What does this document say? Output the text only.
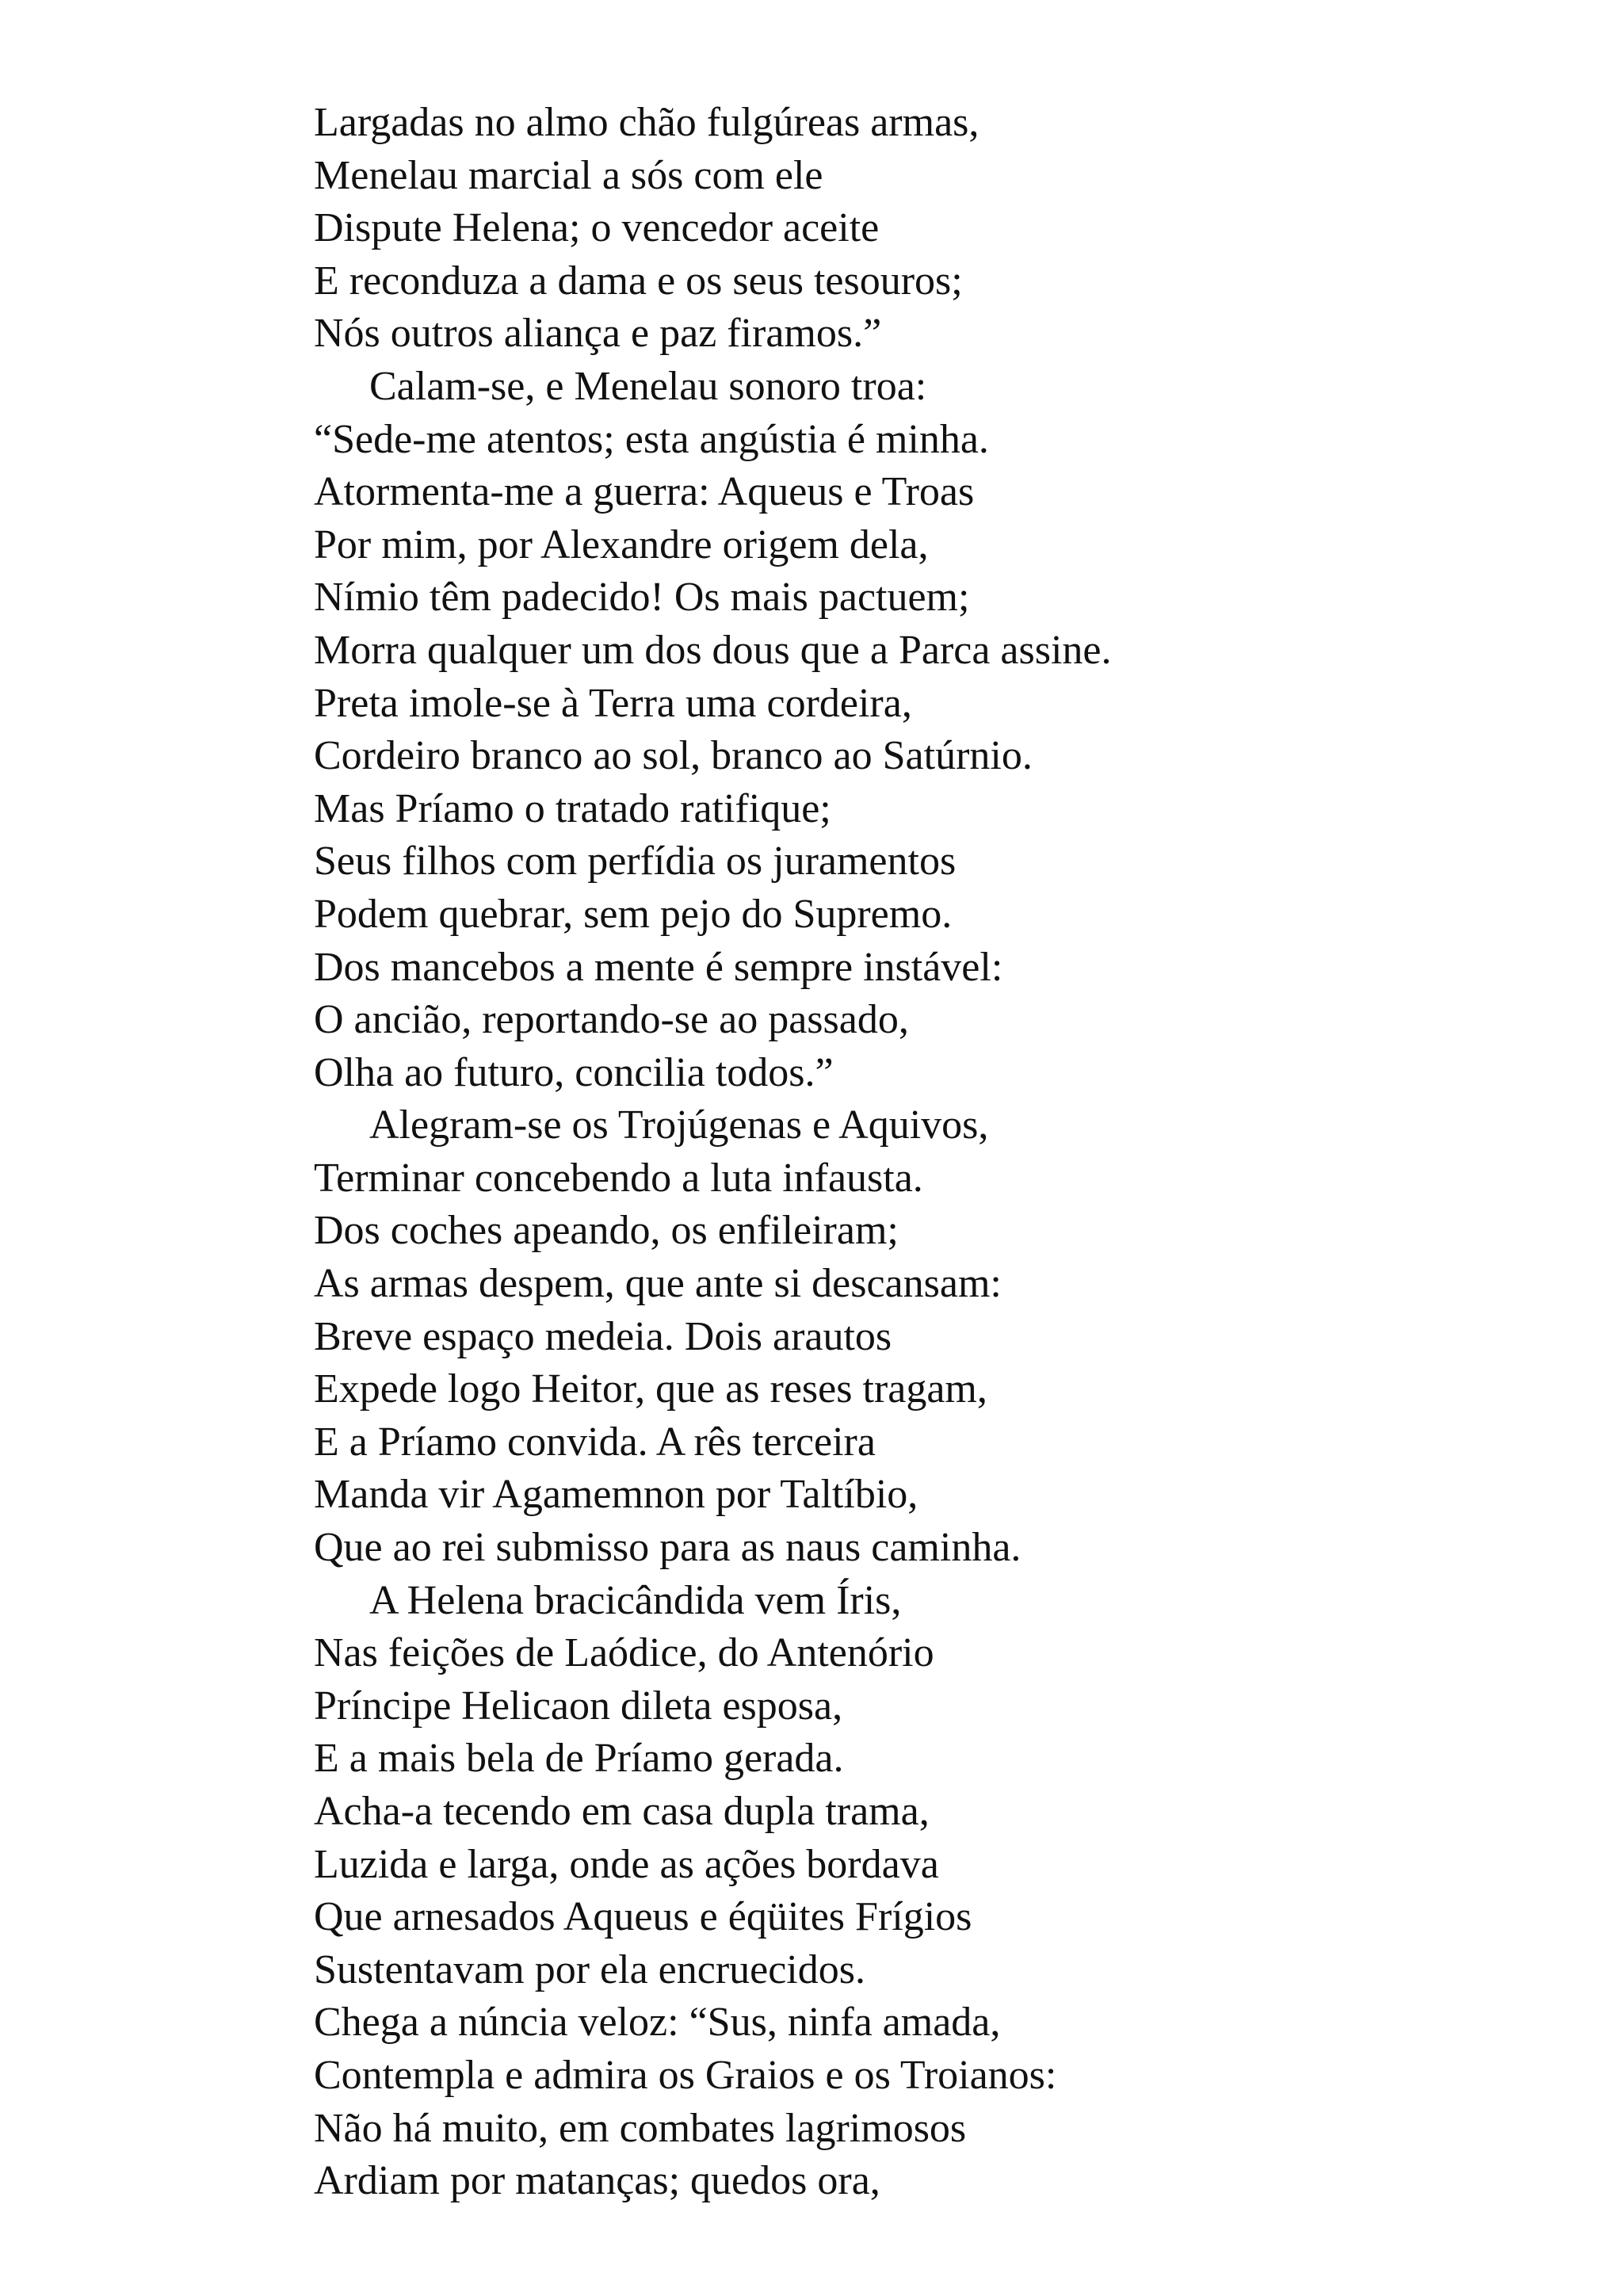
Largadas no almo chão fulgúreas armas,
Menelau marcial a sós com ele
Dispute Helena; o vencedor aceite
E reconduza a dama e os seus tesouros;
Nós outros aliança e paz firamos.”
Calam-se, e Menelau sonoro troa:
“Sede-me atentos; esta angústia é minha.
Atormenta-me a guerra: Aqueus e Troas
Por mim, por Alexandre origem dela,
Nímio têm padecido! Os mais pactuem;
Morra qualquer um dos dous que a Parca assine.
Preta imole-se à Terra uma cordeira,
Cordeiro branco ao sol, branco ao Satúrnio.
Mas Príamo o tratado ratifique;
Seus filhos com perfídia os juramentos
Podem quebrar, sem pejo do Supremo.
Dos mancebos a mente é sempre instável:
O ancião, reportando-se ao passado,
Olha ao futuro, concilia todos.”
Alegram-se os Trojúgenas e Aquivos,
Terminar concebendo a luta infausta.
Dos coches apeando, os enfileiram;
As armas despem, que ante si descansam:
Breve espaço medeia. Dois arautos
Expede logo Heitor, que as reses tragam,
E a Príamo convida. A rês terceira
Manda vir Agamemnon por Taltíbio,
Que ao rei submisso para as naus caminha.
A Helena bracicândida vem Íris,
Nas feições de Laódice, do Antenório
Príncipe Helicaon dileta esposa,
E a mais bela de Príamo gerada.
Acha-a tecendo em casa dupla trama,
Luzida e larga, onde as ações bordava
Que arnesados Aqueus e éqüites Frígios
Sustentavam por ela encruecidos.
Chega a núncia veloz: “Sus, ninfa amada,
Contempla e admira os Graios e os Troianos:
Não há muito, em combates lagrimosos
Ardiam por matanças; quedos ora,
